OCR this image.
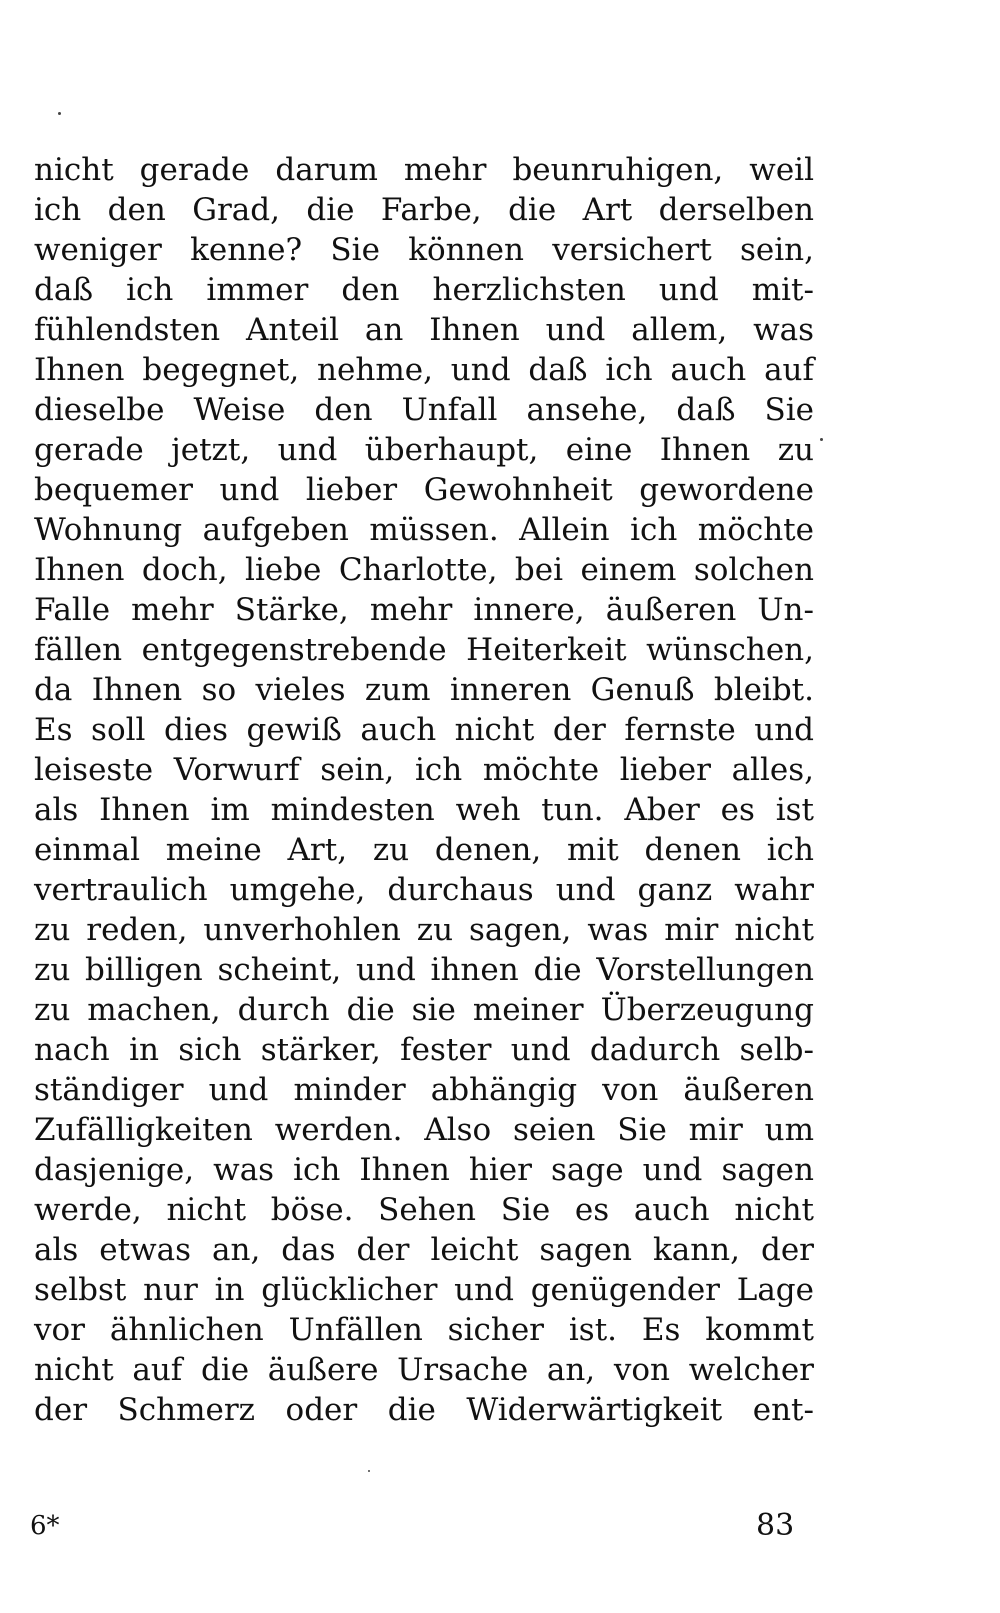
nicht gerade darum mehr beunruhigen, weil
ich den Grad, die Farbe, die Art derselben
weniger kenne? Sie können versichert sein,
daß ich immer den herzlichsten und mit-
fühlendsten Anteil an Ihnen und allem, was
Ihnen begegnet, nehme, und daß ich auch auf
dieselbe Weise den Unfall ansehe, daß Sie
gerade jetzt, und überhaupt, eine Ihnen zu
bequemer und lieber Gewohnheit gewordene
Wohnung aufgeben müssen. Allein ich möchte
Ihnen doch, liebe Charlotte, bei einem solchen
Falle mehr Stärke, mehr innere, äußeren Un-
fällen entgegenstrebende Heiterkeit wünschen,
da Ihnen so vieles zum inneren Genuß bleibt.
Es soll dies gewiß auch nicht der fernste und
leiseste Vorwurf sein, ich möchte lieber alles,
als Ihnen im mindesten weh tun. Aber es ist
einmal meine Art, zu denen, mit denen ich
vertraulich umgehe, durchaus und ganz wahr
zu reden, unverhohlen zu sagen, was mir nicht
zu billigen scheint, und ihnen die Vorstellungen
zu machen, durch die sie meiner Überzeugung
nach in sich stärker, fester und dadurch selb-
ständiger und minder abhängig von äußeren
Zufälligkeiten werden. Also seien Sie mir um
dasjenige, was ich Ihnen hier sage und sagen
werde, nicht böse. Sehen Sie es auch nicht
als etwas an, das der leicht sagen kann, der
selbst nur in glücklicher und genügender Lage
vor ähnlichen Unfällen sicher ist. Es kommt
nicht auf die äußere Ursache an, von welcher
der Schmerz oder die Widerwärtigkeit ent-
6*	83
